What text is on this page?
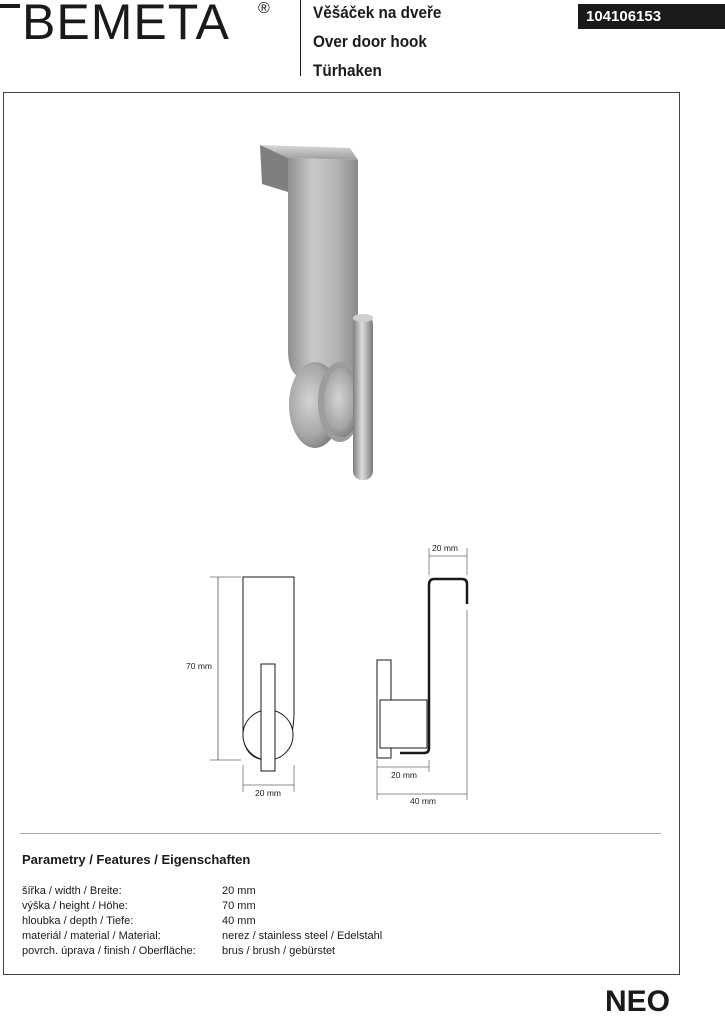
BEMETA ®	Věšáček na dveře
Over door hook
Türhaken
104106153
70 mm
20 mm
20 mm
20 mm
40 mm
Parametry / Features / Eigenschaften
šířka / width / Breite:	20 mm
výška / height / Höhe:	70 mm
hloubka / depth / Tiefe:	40 mm
materiál / material / Material:	nerez / stainless steel / Edelstahl
povrch. úprava / finish / Oberfläche:	brus / brush / gebürstet
NEO
